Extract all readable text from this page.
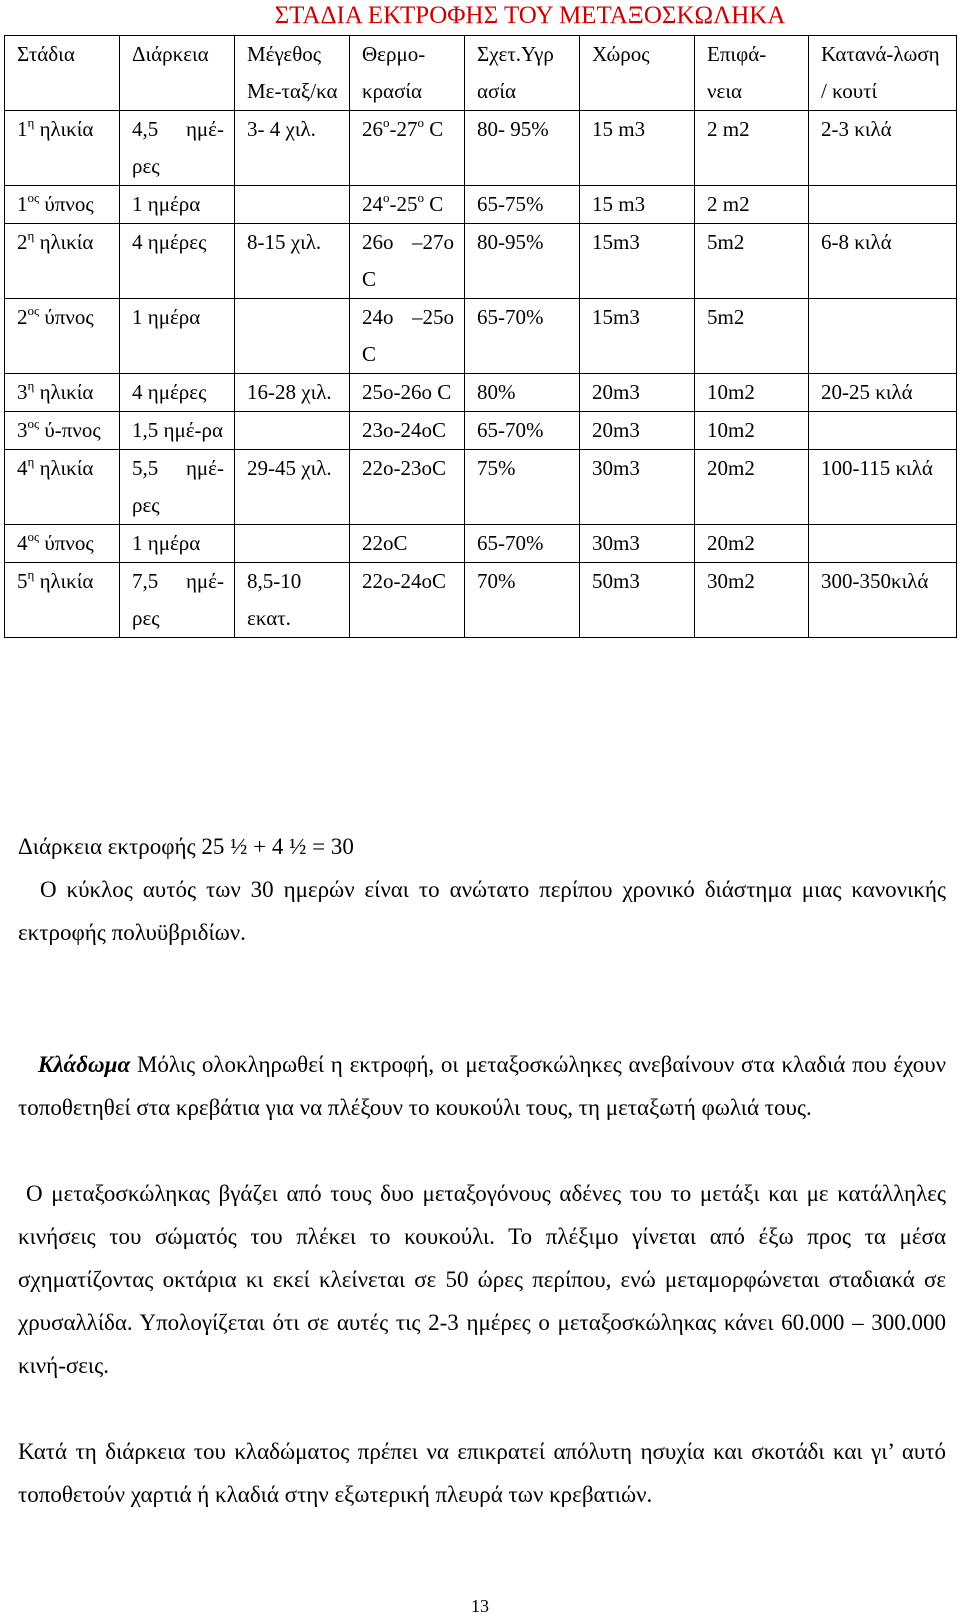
ΣΤΑΔΙΑ ΕΚΤΡΟΦΗΣ ΤΟΥ ΜΕΤΑΞΟΣΚΩΛΗΚΑ
Στάδια	Διάρκεια	Μέγεθος Με-ταξ/κα	Θερμο-κρασία	Σχετ.Υγρ ασία	Χώρος	Επιφά-νεια	Κατανά-λωση / κουτί
$1^\eta$ ηλικία	4,5 ημέ-ρες	3- 4 χιλ.	$26^o-27^o$ C	80- 95%	15 m3	2 m2	2-3 κιλά
$1^{o\varsigma}$ ύπνος	1 ημέρα		$24^o-25^o$ C	65-75%	15 m3	2 m2	
$2^\eta$ ηλικία	4 ημέρες	8-15 χιλ.	26ο –27ο C	80-95%	15m3	5m2	6-8 κιλά
$2^{o\varsigma}$ ύπνος	1 ημέρα		24ο –25ο C	65-70%	15m3	5m2	
$3^\eta$ ηλικία	4 ημέρες	16-28 χιλ.	25ο-26ο C	80%	20m3	10m2	20-25 κιλά
$3^{o\varsigma}$ ύ-πνος	1,5 ημέ-ρα		23ο-24οC	65-70%	20m3	10m2	
$4^\eta$ ηλικία	5,5 ημέ-ρες	29-45 χιλ.	22ο-23οC	75%	30m3	20m2	100-115 κιλά
$4^{o\varsigma}$ ύπνος	1 ημέρα		22οC	65-70%	30m3	20m2	
$5^\eta$ ηλικία	7,5 ημέ-ρες	8,5-10 εκατ.	22ο-24οC	70%	50m3	30m2	300-350κιλά
Διάρκεια εκτροφής 25 ½ + 4 ½ = 30
Ο κύκλος αυτός των 30 ημερών είναι το ανώτατο περίπου χρονικό διάστημα μιας κανονικής εκτροφής πολυϋβριδίων.
Κλάδωμα Μόλις ολοκληρωθεί η εκτροφή, οι μεταξοσκώληκες ανεβαίνουν στα κλαδιά που έχουν τοποθετηθεί στα κρεβάτια για να πλέξουν το κουκούλι τους, τη μεταξωτή φωλιά τους.
Ο μεταξοσκώληκας βγάζει από τους δυο μεταξογόνους αδένες του το μετάξι και με κατάλληλες κινήσεις του σώματός του πλέκει το κουκούλι. Το πλέξιμο γίνεται από έξω προς τα μέσα σχηματίζοντας οκτάρια κι εκεί κλείνεται σε 50 ώρες περίπου, ενώ μεταμορφώνεται σταδιακά σε χρυσαλλίδα. Υπολογίζεται ότι σε αυτές τις 2-3 ημέρες ο μεταξοσκώληκας κάνει 60.000 – 300.000 κινή-σεις.
Κατά τη διάρκεια του κλαδώματος πρέπει να επικρατεί απόλυτη ησυχία και σκοτάδι και γι’ αυτό τοποθετούν χαρτιά ή κλαδιά στην εξωτερική πλευρά των κρεβατιών.
13
